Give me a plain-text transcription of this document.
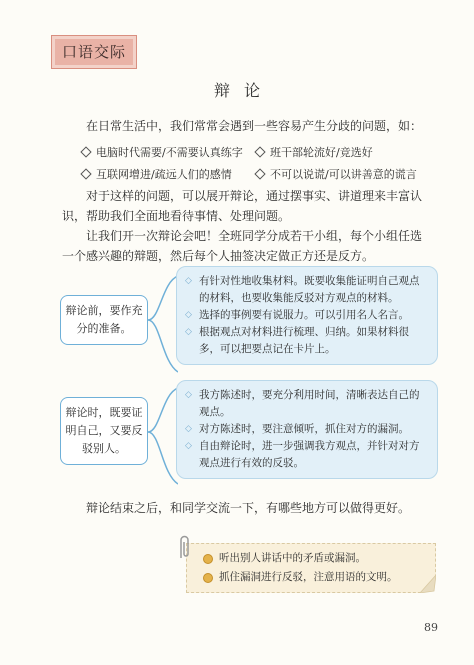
口语交际
辩论
在日常生活中，我们常常会遇到一些容易产生分歧的问题，如：
电脑时代需要/不需要认真练字 班干部轮流好/竞选好
互联网增进/疏远人们的感情	不可以说谎/可以讲善意的谎言
对于这样的问题，可以展开辩论，通过摆事实、讲道理来丰富认识，帮助我们全面地看待事情、处理问题。
让我们开一次辩论会吧！全班同学分成若干小组，每个小组任选一个感兴趣的辩题，然后每个人抽签决定做正方还是反方。
辩论前，要作充分的准备。
◇ 有针对性地收集材料。既要收集能证明自己观点的材料，也要收集能反驳对方观点的材料。
◇ 选择的事例要有说服力。可以引用名人名言。
◇ 根据观点对材料进行梳理、归纳。如果材料很多，可以把要点记在卡片上。
辩论时，既要证明自己，又要反驳别人。
◇ 我方陈述时，要充分利用时间，清晰表达自己的观点。
◇ 对方陈述时，要注意倾听，抓住对方的漏洞。
◇ 自由辩论时，进一步强调我方观点，并针对对方观点进行有效的反驳。
辩论结束之后，和同学交流一下，有哪些地方可以做得更好。
听出别人讲话中的矛盾或漏洞。
抓住漏洞进行反驳，注意用语的文明。
89
